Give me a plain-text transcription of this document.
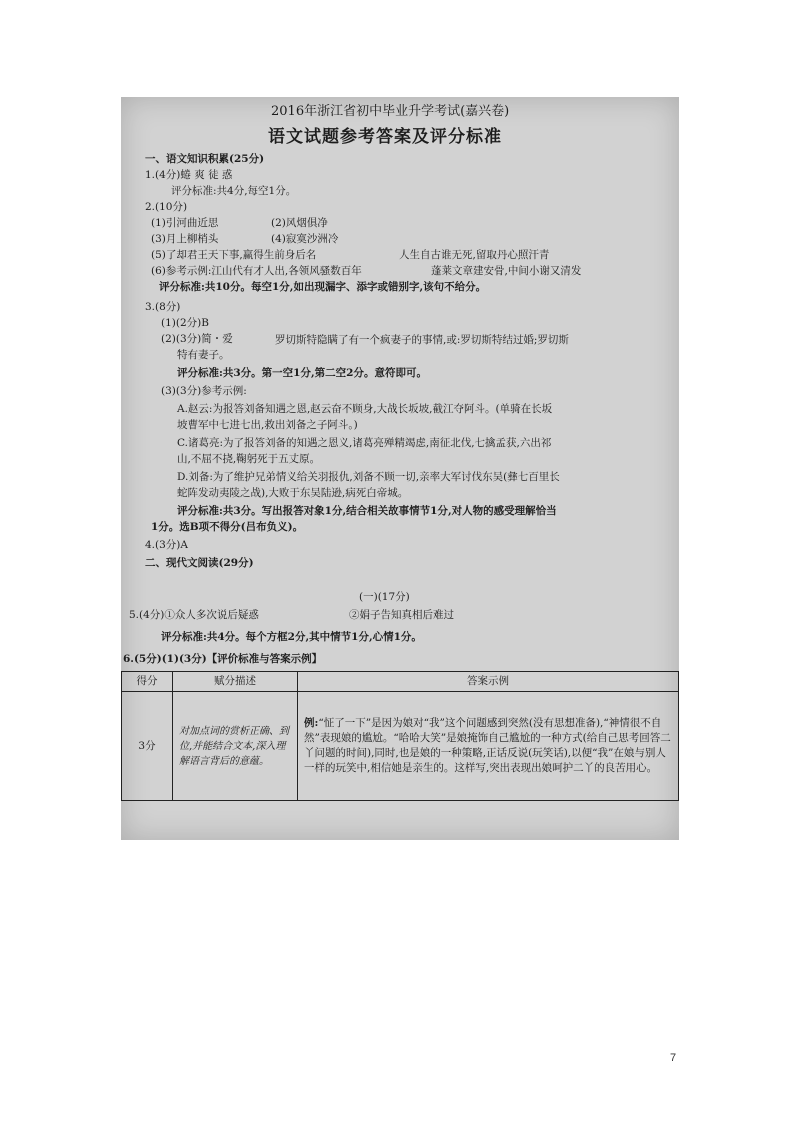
2016年浙江省初中毕业升学考试(嘉兴卷)
语文试题参考答案及评分标准
一、语文知识积累(25分)
1.(4分)蜷 爽 徒 惑
评分标准:共4分,每空1分。
2.(10分)
(1)引河曲近思	(2)风烟俱净
(3)月上柳梢头	(4)寂寞沙洲冷
(5)了却君王天下事,赢得生前身后名	人生自古谁无死,留取丹心照汗青
(6)参考示例:江山代有才人出,各领风骚数百年	蓬莱文章建安骨,中间小谢又清发
评分标准:共10分。每空1分,如出现漏字、添字或错别字,该句不给分。
3.(8分)
(1)(2分)B
(2)(3分)简・爱	罗切斯特隐瞒了有一个疯妻子的事情,或:罗切斯特结过婚;罗切斯
特有妻子。
评分标准:共3分。第一空1分,第二空2分。意符即可。
(3)(3分)参考示例:
A.赵云:为报答刘备知遇之恩,赵云奋不顾身,大战长坂坡,截江夺阿斗。(单骑在长坂
坡曹军中七进七出,救出刘备之子阿斗。)
C.诸葛亮:为了报答刘备的知遇之恩义,诸葛亮殚精竭虑,南征北伐,七擒孟获,六出祁
山,不屈不挠,鞠躬死于五丈原。
D.刘备:为了维护兄弟情义给关羽报仇,刘备不顾一切,亲率大军讨伐东吴(彝七百里长
蛇阵发动夷陵之战),大败于东吴陆逊,病死白帝城。
评分标准:共3分。写出报答对象1分,结合相关故事情节1分,对人物的感受理解恰当
1分。选B项不得分(吕布负义)。
4.(3分)A
二、现代文阅读(29分)
(一)(17分)
5.(4分)①众人多次说后疑惑	②娟子告知真相后难过
评分标准:共4分。每个方框2分,其中情节1分,心情1分。
6.(5分)(1)(3分)【评价标准与答案示例】
得分	赋分描述	答案示例
3分	对加点词的赏析正确、到位,并能结合文本,深入理解语言背后的意蕴。	例:“怔了一下”是因为娘对“我”这个问题感到突然(没有思想准备),“神情很不自然”表现娘的尴尬。“哈哈大笑”是娘掩饰自己尴尬的一种方式(给自己思考回答二丫问题的时间),同时,也是娘的一种策略,正话反说(玩笑话),以便“我”在娘与别人一样的玩笑中,相信她是亲生的。这样写,突出表现出娘呵护二丫的良苦用心。
7
